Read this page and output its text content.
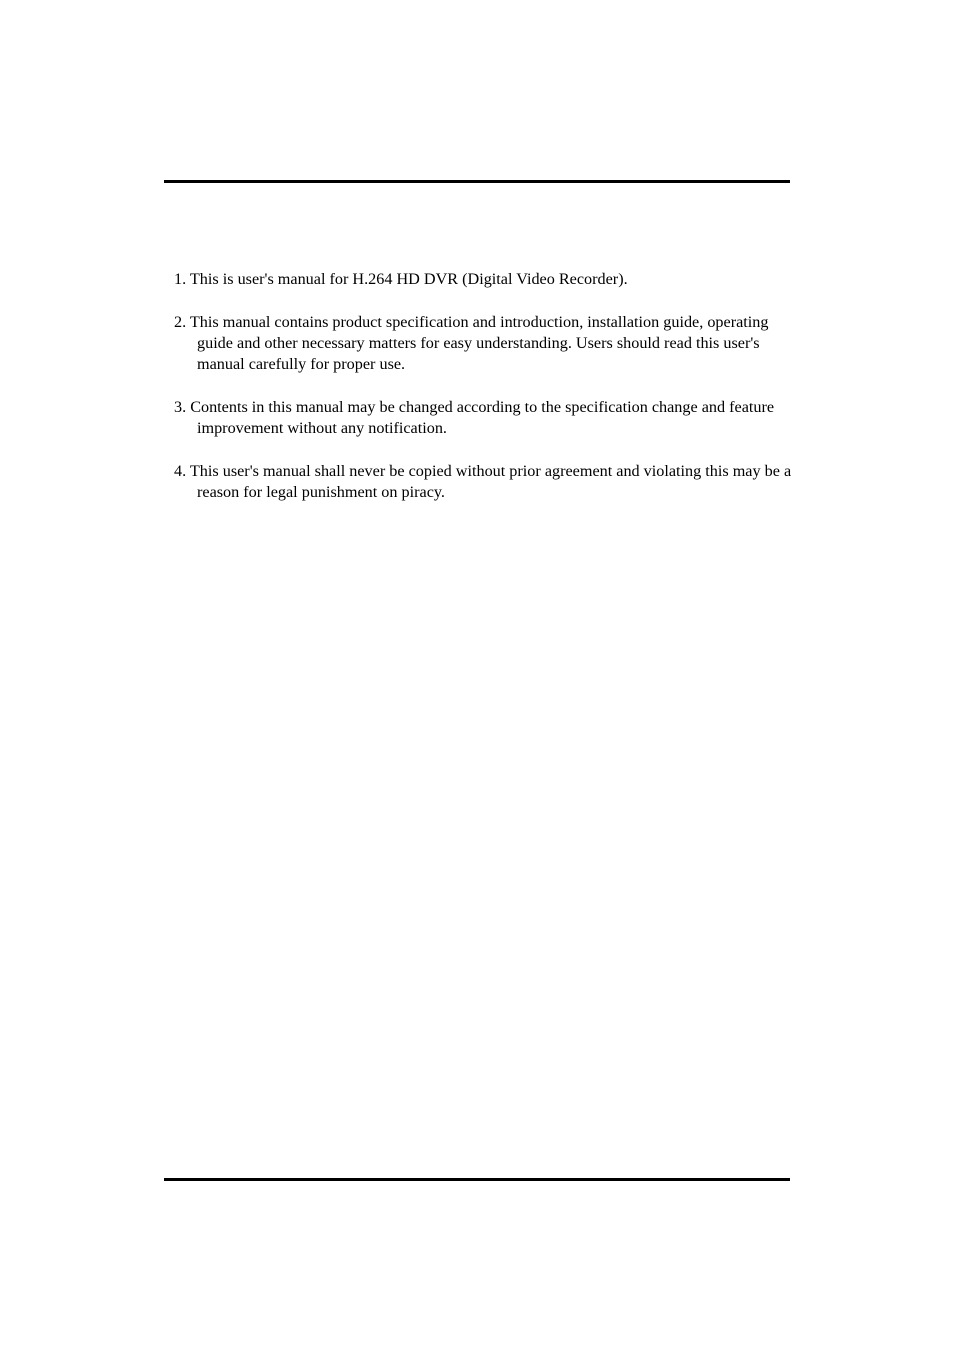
1. This is user's manual for H.264 HD DVR (Digital Video Recorder).
2. This manual contains product specification and introduction, installation guide, operating guide and other necessary matters for easy understanding. Users should read this user's manual carefully for proper use.
3. Contents in this manual may be changed according to the specification change and feature improvement without any notification.
4. This user's manual shall never be copied without prior agreement and violating this may be a reason for legal punishment on piracy.
